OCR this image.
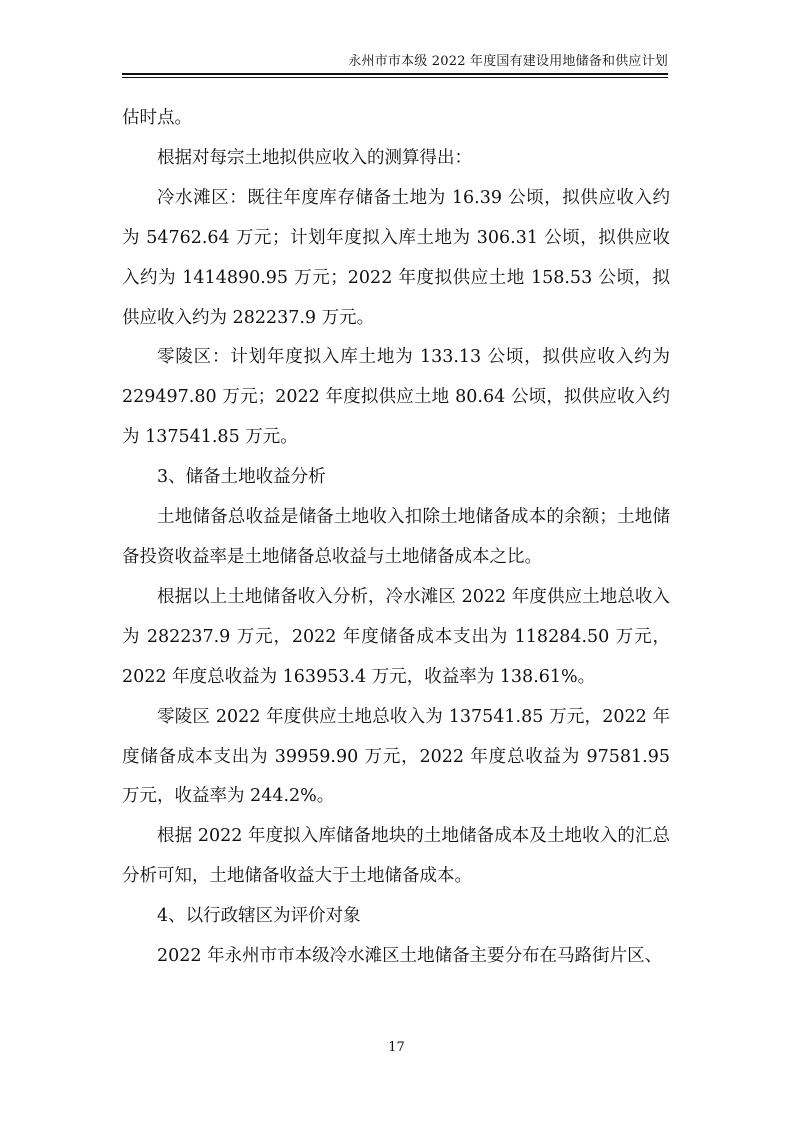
永州市市本级 2022 年度国有建设用地储备和供应计划

估时点。

根据对每宗土地拟供应收入的测算得出：

冷水滩区：既往年度库存储备土地为 16.39 公顷，拟供应收入约为 54762.64 万元；计划年度拟入库土地为 306.31 公顷，拟供应收入约为 1414890.95 万元；2022 年度拟供应土地 158.53 公顷，拟供应收入约为 282237.9 万元。

零陵区：计划年度拟入库土地为 133.13 公顷，拟供应收入约为 229497.80 万元；2022 年度拟供应土地 80.64 公顷，拟供应收入约为 137541.85 万元。

3、储备土地收益分析

土地储备总收益是储备土地收入扣除土地储备成本的余额；土地储备投资收益率是土地储备总收益与土地储备成本之比。

根据以上土地储备收入分析，冷水滩区 2022 年度供应土地总收入为 282237.9 万元，2022 年度储备成本支出为 118284.50 万元，2022 年度总收益为 163953.4 万元，收益率为 138.61%。

零陵区 2022 年度供应土地总收入为 137541.85 万元，2022 年度储备成本支出为 39959.90 万元，2022 年度总收益为 97581.95 万元，收益率为 244.2%。

根据 2022 年度拟入库储备地块的土地储备成本及土地收入的汇总分析可知，土地储备收益大于土地储备成本。

4、以行政辖区为评价对象

2022 年永州市市本级冷水滩区土地储备主要分布在马路街片区、

17
